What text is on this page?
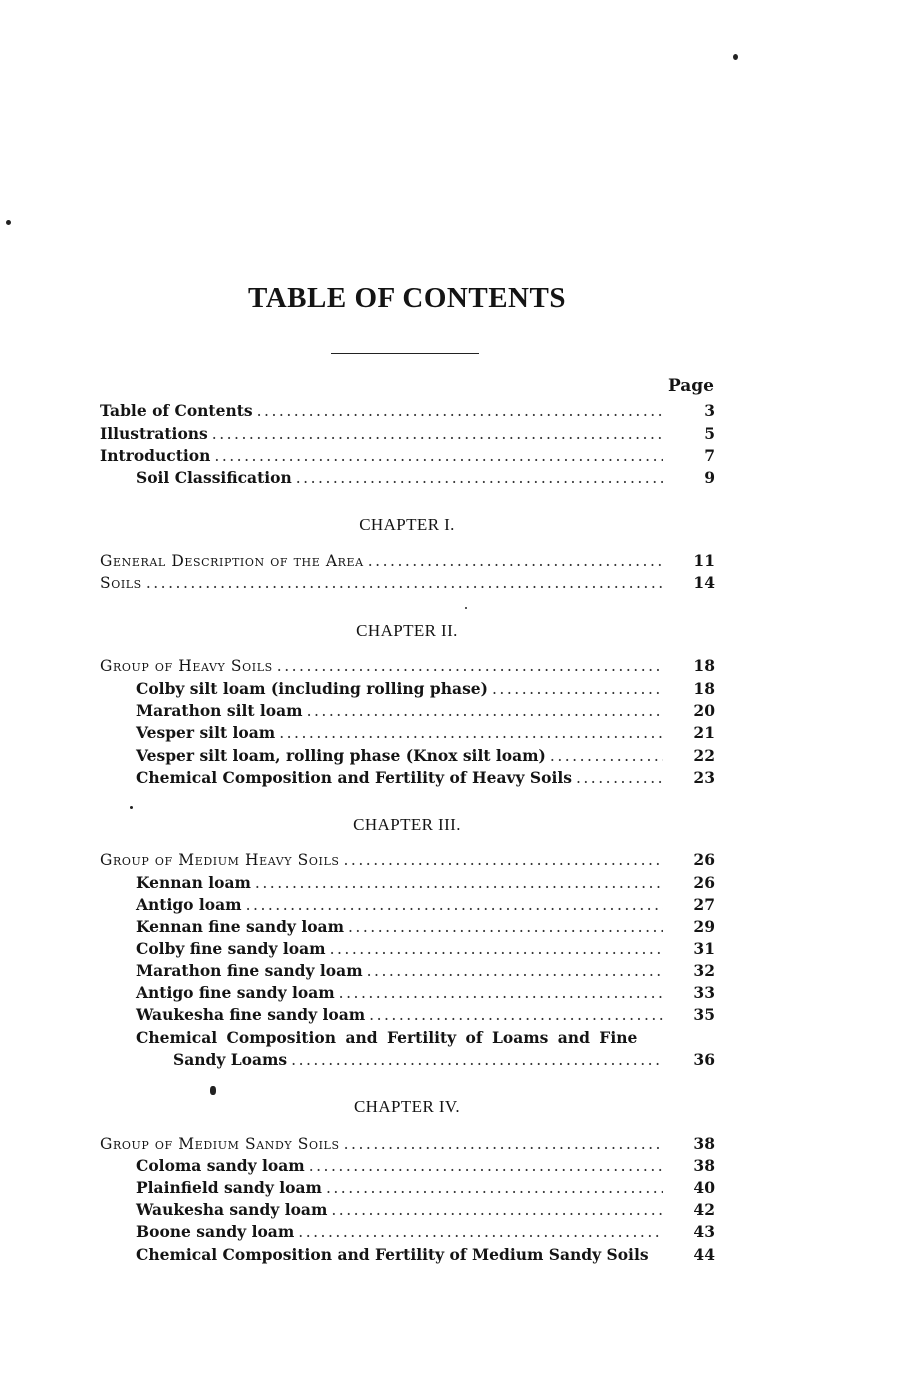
TABLE OF CONTENTS
Page
Table of Contents .....	3
Illustrations .....	5
Introduction .....	7
Soil Classification .....	9
CHAPTER I.
General Description of the Area .....	11
Soils .....	14
CHAPTER II.
Group of Heavy Soils .....	18
Colby silt loam (including rolling phase) .....	18
Marathon silt loam .....	20
Vesper silt loam .....	21
Vesper silt loam, rolling phase (Knox silt loam) .....	22
Chemical Composition and Fertility of Heavy Soils .....	23
CHAPTER III.
Group of Medium Heavy Soils .....	26
Kennan loam .....	26
Antigo loam .....	27
Kennan fine sandy loam .....	29
Colby fine sandy loam .....	31
Marathon fine sandy loam .....	32
Antigo fine sandy loam .....	33
Waukesha fine sandy loam .....	35
Chemical Composition and Fertility of Loams and Fine
Sandy Loams .....	36
CHAPTER IV.
Group of Medium Sandy Soils .....	38
Coloma sandy loam .....	38
Plainfield sandy loam .....	40
Waukesha sandy loam .....	42
Boone sandy loam .....	43
Chemical Composition and Fertility of Medium Sandy Soils	44
